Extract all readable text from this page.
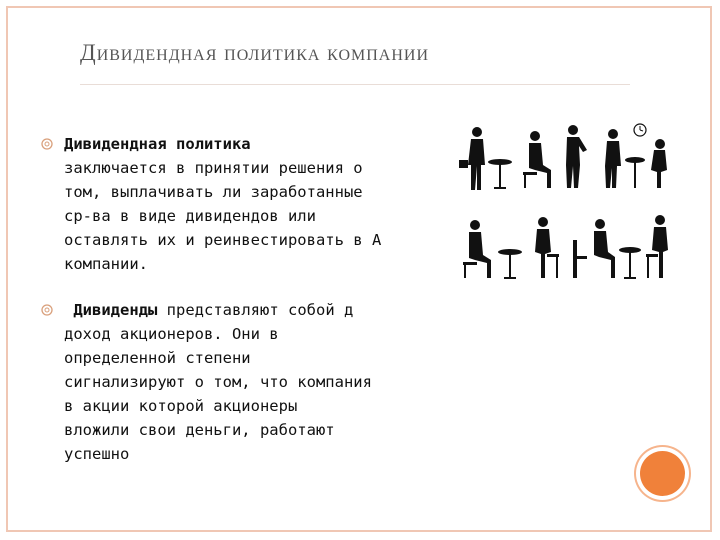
Дивидендная политика компании
Дивидендная политика
заключается в принятии решения о
том, выплачивать ли заработанные
ср-ва в виде дивидендов или
оставлять их и реинвестировать в А
компании.
Дивиденды представляют собой д
доход акционеров. Они в
определенной степени
сигнализируют о том, что компания
в акции которой акционеры
вложили свои деньги, работают
успешно
